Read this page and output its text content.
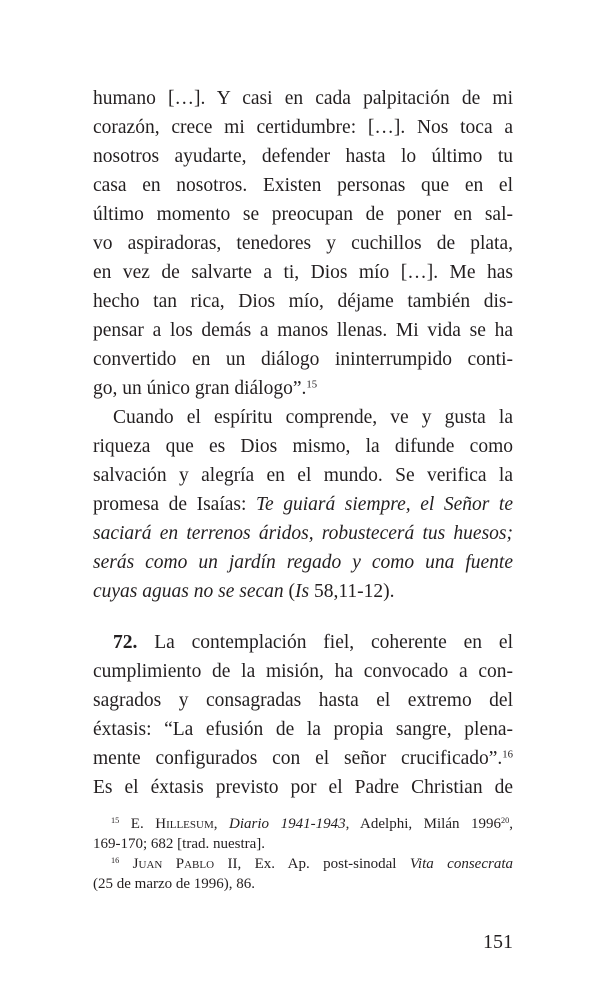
humano […]. Y casi en cada palpitación de mi
corazón, crece mi certidumbre: […]. Nos toca a
nosotros ayudarte, defender hasta lo último tu
casa en nosotros. Existen personas que en el
último momento se preocupan de poner en sal-
vo aspiradoras, tenedores y cuchillos de plata,
en vez de salvarte a ti, Dios mío […]. Me has
hecho tan rica, Dios mío, déjame también dis-
pensar a los demás a manos llenas. Mi vida se ha
convertido en un diálogo ininterrumpido conti-
go, un único gran diálogo”.$^{15}$
Cuando el espíritu comprende, ve y gusta la
riqueza que es Dios mismo, la difunde como
salvación y alegría en el mundo. Se verifica la
promesa de Isaías: Te guiará siempre, el Señor te
saciará en terrenos áridos, robustecerá tus huesos;
serás como un jardín regado y como una fuente
cuyas aguas no se secan (Is 58,11-12).
72. La contemplación fiel, coherente en el
cumplimiento de la misión, ha convocado a con-
sagrados y consagradas hasta el extremo del
éxtasis: “La efusión de la propia sangre, plena-
mente configurados con el señor crucificado”.$^{16}$
Es el éxtasis previsto por el Padre Christian de
$^{15}$ E. Hillesum, Diario 1941-1943, Adelphi, Milán 1996$^{20}$,
169-170; 682 [trad. nuestra].
$^{16}$ Juan Pablo II, Ex. Ap. post-sinodal Vita consecrata
(25 de marzo de 1996), 86.
151
